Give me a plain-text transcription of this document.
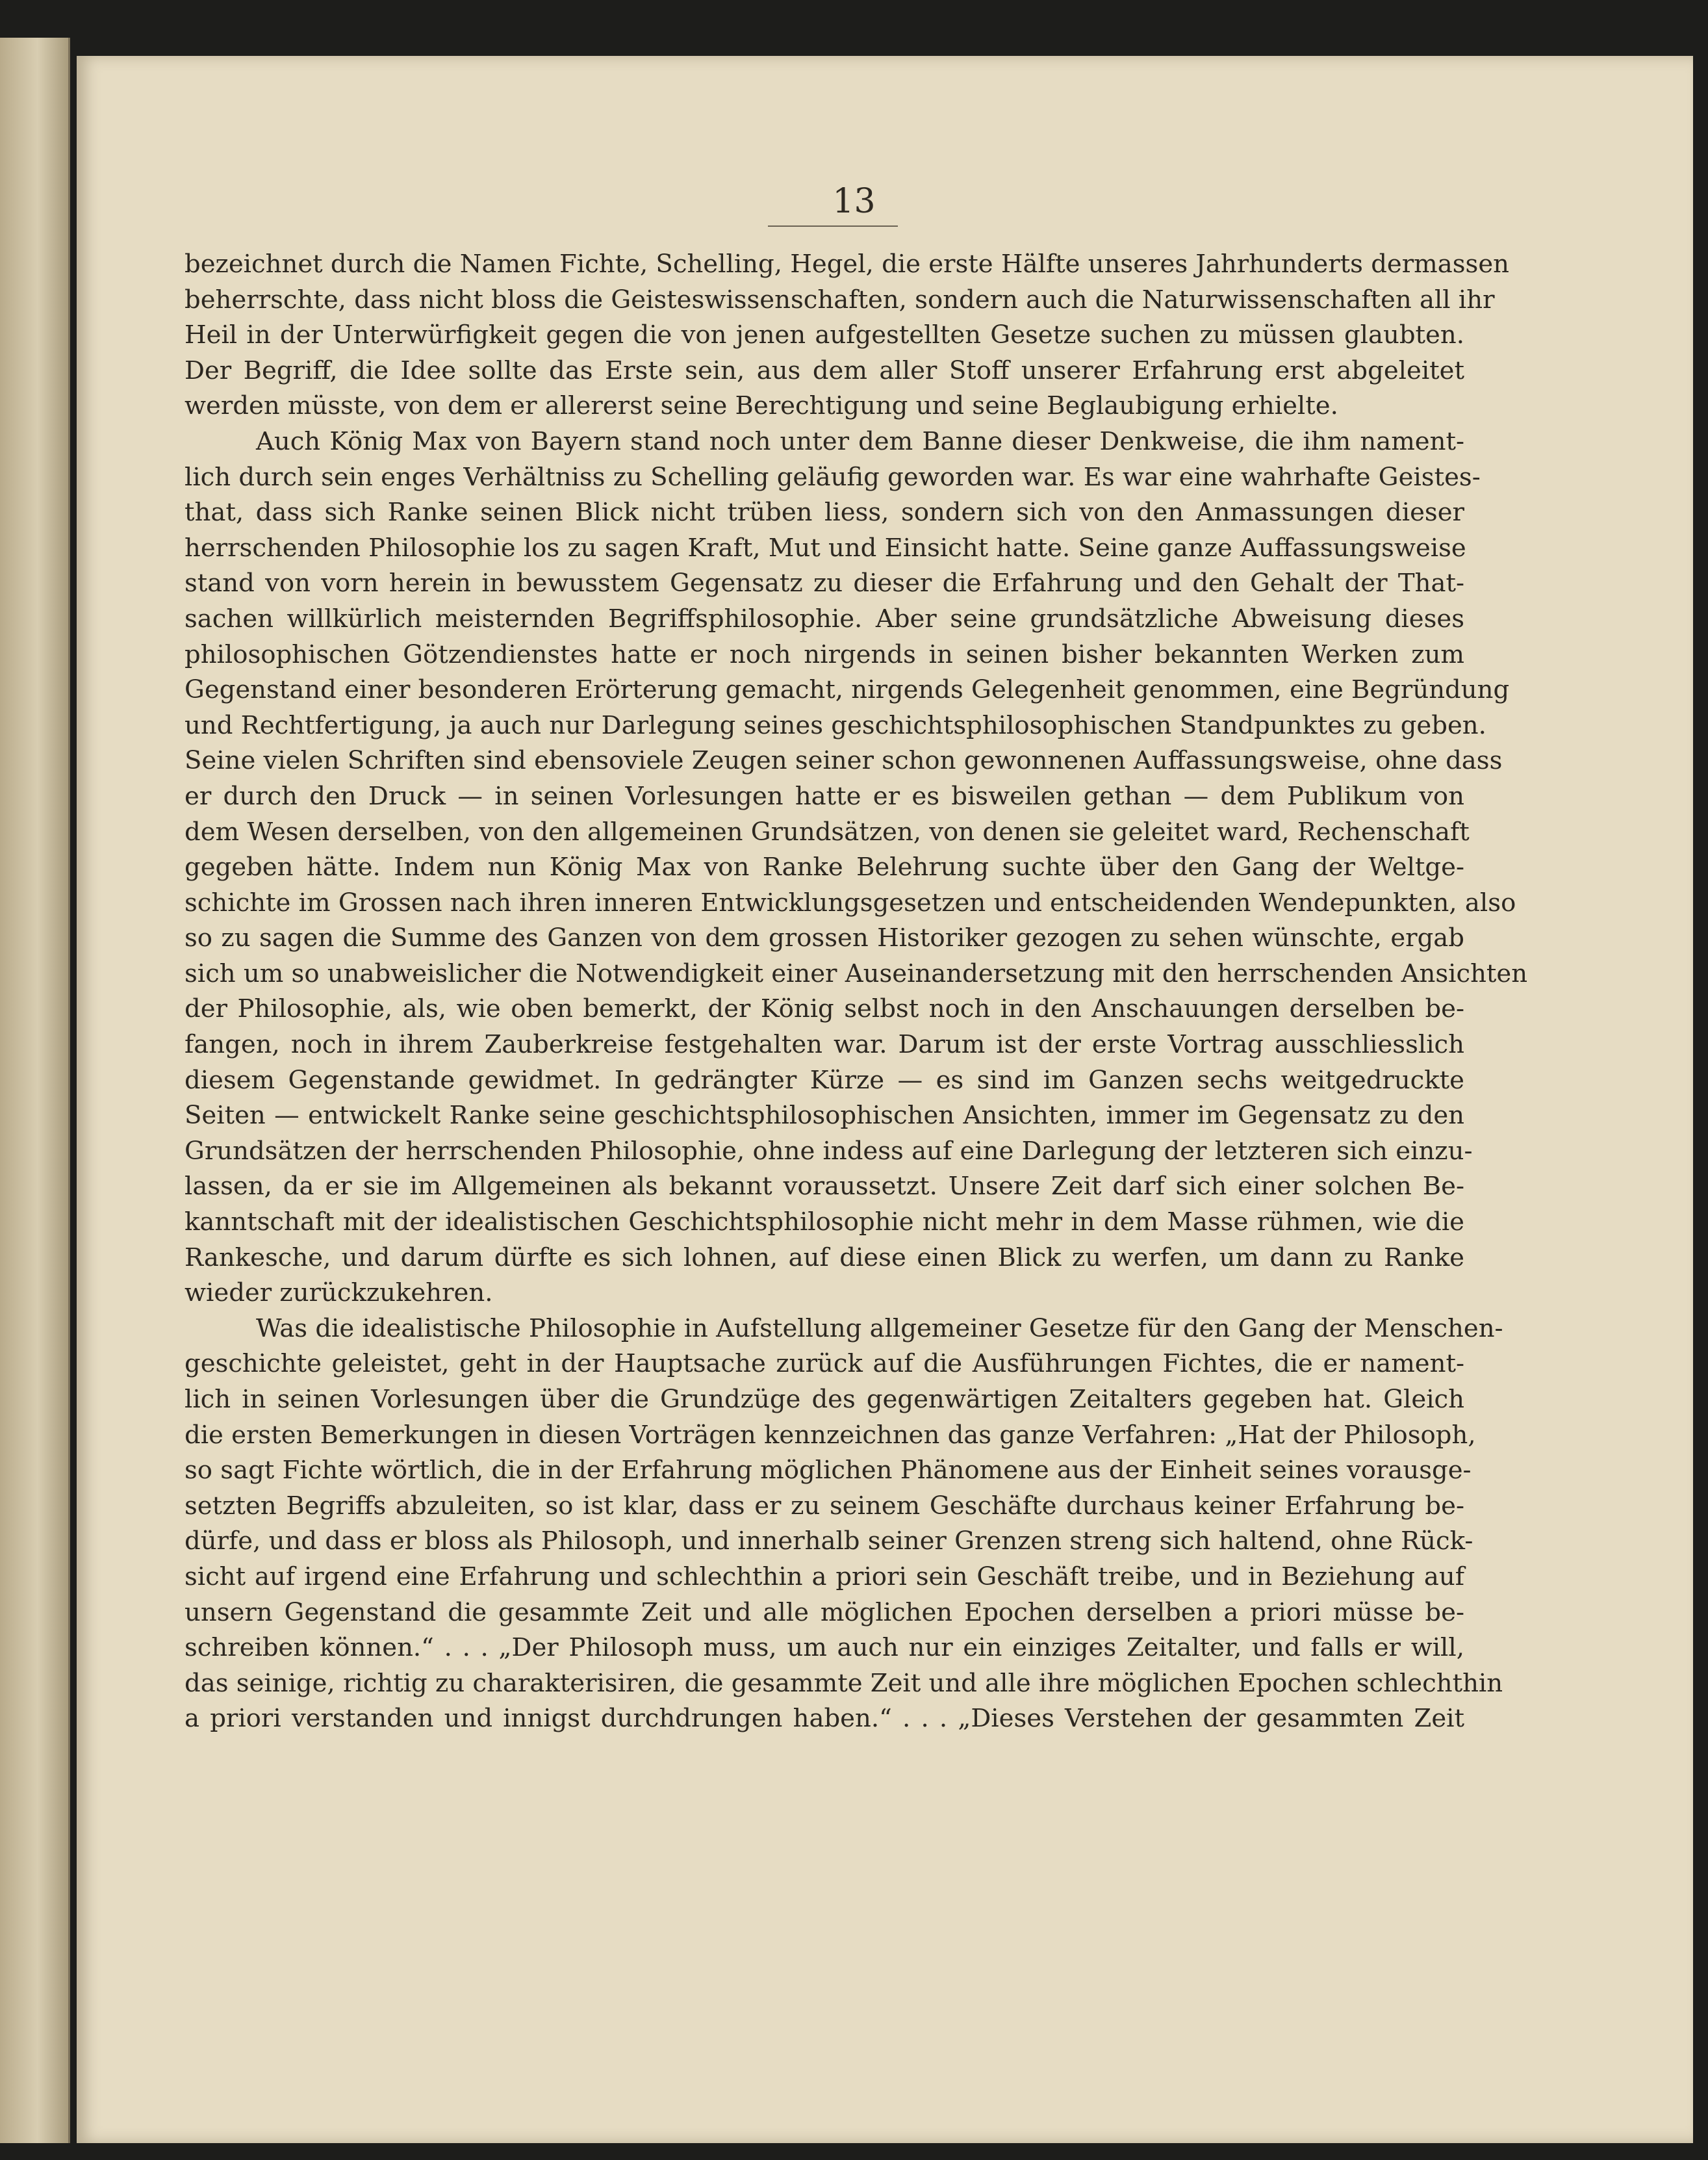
13
bezeichnet durch die Namen Fichte, Schelling, Hegel, die erste Hälfte unseres Jahrhunderts dermassen
beherrschte, dass nicht bloss die Geisteswissenschaften, sondern auch die Naturwissenschaften all ihr
Heil in der Unterwürfigkeit gegen die von jenen aufgestellten Gesetze suchen zu müssen glaubten.
Der Begriff, die Idee sollte das Erste sein, aus dem aller Stoff unserer Erfahrung erst abgeleitet
werden müsste, von dem er allererst seine Berechtigung und seine Beglaubigung erhielte.
Auch König Max von Bayern stand noch unter dem Banne dieser Denkweise, die ihm nament-
lich durch sein enges Verhältniss zu Schelling geläufig geworden war. Es war eine wahrhafte Geistes-
that, dass sich Ranke seinen Blick nicht trüben liess, sondern sich von den Anmassungen dieser
herrschenden Philosophie los zu sagen Kraft, Mut und Einsicht hatte. Seine ganze Auffassungsweise
stand von vorn herein in bewusstem Gegensatz zu dieser die Erfahrung und den Gehalt der That-
sachen willkürlich meisternden Begriffsphilosophie. Aber seine grundsätzliche Abweisung dieses
philosophischen Götzendienstes hatte er noch nirgends in seinen bisher bekannten Werken zum
Gegenstand einer besonderen Erörterung gemacht, nirgends Gelegenheit genommen, eine Begründung
und Rechtfertigung, ja auch nur Darlegung seines geschichtsphilosophischen Standpunktes zu geben.
Seine vielen Schriften sind ebensoviele Zeugen seiner schon gewonnenen Auffassungsweise, ohne dass
er durch den Druck — in seinen Vorlesungen hatte er es bisweilen gethan — dem Publikum von
dem Wesen derselben, von den allgemeinen Grundsätzen, von denen sie geleitet ward, Rechenschaft
gegeben hätte. Indem nun König Max von Ranke Belehrung suchte über den Gang der Weltge-
schichte im Grossen nach ihren inneren Entwicklungsgesetzen und entscheidenden Wendepunkten, also
so zu sagen die Summe des Ganzen von dem grossen Historiker gezogen zu sehen wünschte, ergab
sich um so unabweislicher die Notwendigkeit einer Auseinandersetzung mit den herrschenden Ansichten
der Philosophie, als, wie oben bemerkt, der König selbst noch in den Anschauungen derselben be-
fangen, noch in ihrem Zauberkreise festgehalten war. Darum ist der erste Vortrag ausschliesslich
diesem Gegenstande gewidmet. In gedrängter Kürze — es sind im Ganzen sechs weitgedruckte
Seiten — entwickelt Ranke seine geschichtsphilosophischen Ansichten, immer im Gegensatz zu den
Grundsätzen der herrschenden Philosophie, ohne indess auf eine Darlegung der letzteren sich einzu-
lassen, da er sie im Allgemeinen als bekannt voraussetzt. Unsere Zeit darf sich einer solchen Be-
kanntschaft mit der idealistischen Geschichtsphilosophie nicht mehr in dem Masse rühmen, wie die
Rankesche, und darum dürfte es sich lohnen, auf diese einen Blick zu werfen, um dann zu Ranke
wieder zurückzukehren.
Was die idealistische Philosophie in Aufstellung allgemeiner Gesetze für den Gang der Menschen-
geschichte geleistet, geht in der Hauptsache zurück auf die Ausführungen Fichtes, die er nament-
lich in seinen Vorlesungen über die Grundzüge des gegenwärtigen Zeitalters gegeben hat. Gleich
die ersten Bemerkungen in diesen Vorträgen kennzeichnen das ganze Verfahren: „Hat der Philosoph,
so sagt Fichte wörtlich, die in der Erfahrung möglichen Phänomene aus der Einheit seines vorausge-
setzten Begriffs abzuleiten, so ist klar, dass er zu seinem Geschäfte durchaus keiner Erfahrung be-
dürfe, und dass er bloss als Philosoph, und innerhalb seiner Grenzen streng sich haltend, ohne Rück-
sicht auf irgend eine Erfahrung und schlechthin a priori sein Geschäft treibe, und in Beziehung auf
unsern Gegenstand die gesammte Zeit und alle möglichen Epochen derselben a priori müsse be-
schreiben können.“ . . . „Der Philosoph muss, um auch nur ein einziges Zeitalter, und falls er will,
das seinige, richtig zu charakterisiren, die gesammte Zeit und alle ihre möglichen Epochen schlechthin
a priori verstanden und innigst durchdrungen haben.“ . . . „Dieses Verstehen der gesammten Zeit
